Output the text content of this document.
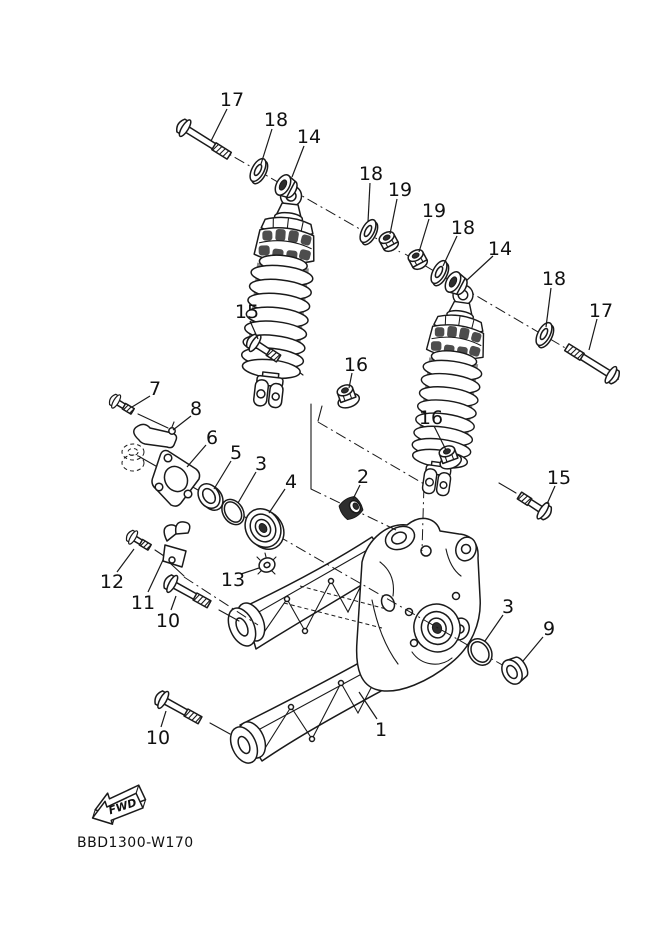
17
18
14
18
19
19
18
14
18
17
15
16
7
8
6
5 3
4	2
16
15
12
11
13
10
10	1
3
9
FWD
BBD1300-W170
